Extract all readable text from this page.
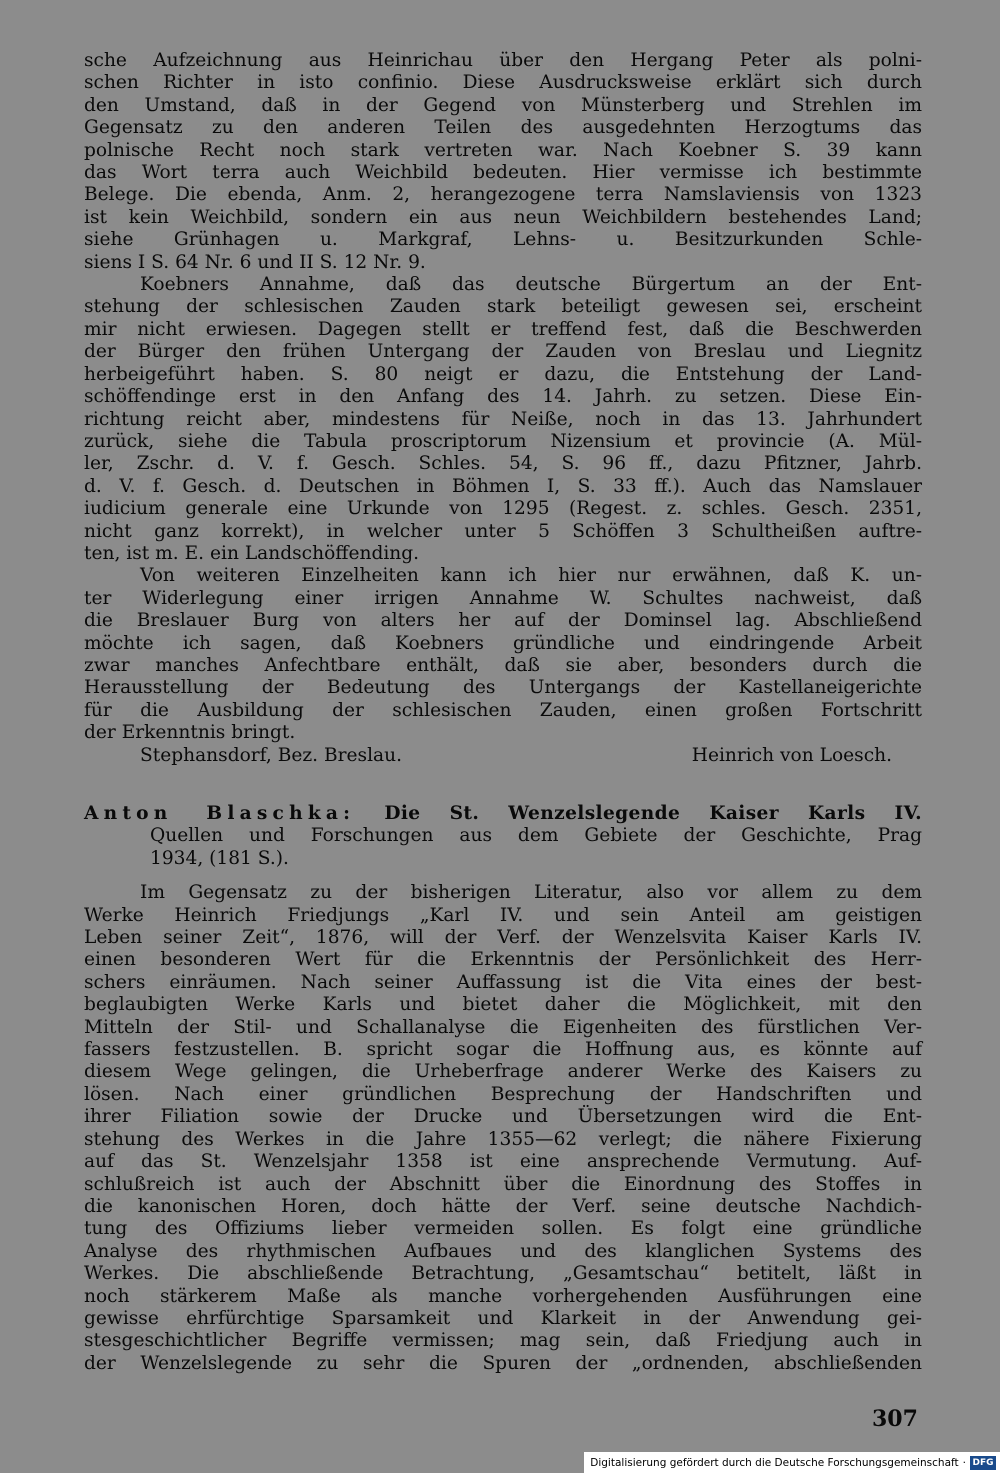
sche Aufzeichnung aus Heinrichau über den Hergang Peter als polni-
schen Richter in isto confinio. Diese Ausdrucksweise erklärt sich durch
den Umstand, daß in der Gegend von Münsterberg und Strehlen im
Gegensatz zu den anderen Teilen des ausgedehnten Herzogtums das
polnische Recht noch stark vertreten war. Nach Koebner S. 39 kann
das Wort terra auch Weichbild bedeuten. Hier vermisse ich bestimmte
Belege. Die ebenda, Anm. 2, herangezogene terra Namslaviensis von 1323
ist kein Weichbild, sondern ein aus neun Weichbildern bestehendes Land;
siehe Grünhagen u. Markgraf, Lehns- u. Besitzurkunden Schle-
siens I S. 64 Nr. 6 und II S. 12 Nr. 9.
Koebners Annahme, daß das deutsche Bürgertum an der Ent-
stehung der schlesischen Zauden stark beteiligt gewesen sei, erscheint
mir nicht erwiesen. Dagegen stellt er treffend fest, daß die Beschwerden
der Bürger den frühen Untergang der Zauden von Breslau und Liegnitz
herbeigeführt haben. S. 80 neigt er dazu, die Entstehung der Land-
schöffendinge erst in den Anfang des 14. Jahrh. zu setzen. Diese Ein-
richtung reicht aber, mindestens für Neiße, noch in das 13. Jahrhundert
zurück, siehe die Tabula proscriptorum Nizensium et provincie (A. Mül-
ler, Zschr. d. V. f. Gesch. Schles. 54, S. 96 ff., dazu Pfitzner, Jahrb.
d. V. f. Gesch. d. Deutschen in Böhmen I, S. 33 ff.). Auch das Namslauer
iudicium generale eine Urkunde von 1295 (Regest. z. schles. Gesch. 2351,
nicht ganz korrekt), in welcher unter 5 Schöffen 3 Schultheißen auftre-
ten, ist m. E. ein Landschöffending.
Von weiteren Einzelheiten kann ich hier nur erwähnen, daß K. un-
ter Widerlegung einer irrigen Annahme W. Schultes nachweist, daß
die Breslauer Burg von alters her auf der Dominsel lag. Abschließend
möchte ich sagen, daß Koebners gründliche und eindringende Arbeit
zwar manches Anfechtbare enthält, daß sie aber, besonders durch die
Herausstellung der Bedeutung des Untergangs der Kastellaneigerichte
für die Ausbildung der schlesischen Zauden, einen großen Fortschritt
der Erkenntnis bringt.
Stephansdorf, Bez. Breslau.	Heinrich von Loesch.
Anton Blaschka: Die St. Wenzelslegende Kaiser Karls IV.
Quellen und Forschungen aus dem Gebiete der Geschichte, Prag
1934, (181 S.).
Im Gegensatz zu der bisherigen Literatur, also vor allem zu dem
Werke Heinrich Friedjungs „Karl IV. und sein Anteil am geistigen
Leben seiner Zeit“, 1876, will der Verf. der Wenzelsvita Kaiser Karls IV.
einen besonderen Wert für die Erkenntnis der Persönlichkeit des Herr-
schers einräumen. Nach seiner Auffassung ist die Vita eines der best-
beglaubigten Werke Karls und bietet daher die Möglichkeit, mit den
Mitteln der Stil- und Schallanalyse die Eigenheiten des fürstlichen Ver-
fassers festzustellen. B. spricht sogar die Hoffnung aus, es könnte auf
diesem Wege gelingen, die Urheberfrage anderer Werke des Kaisers zu
lösen. Nach einer gründlichen Besprechung der Handschriften und
ihrer Filiation sowie der Drucke und Übersetzungen wird die Ent-
stehung des Werkes in die Jahre 1355—62 verlegt; die nähere Fixierung
auf das St. Wenzelsjahr 1358 ist eine ansprechende Vermutung. Auf-
schlußreich ist auch der Abschnitt über die Einordnung des Stoffes in
die kanonischen Horen, doch hätte der Verf. seine deutsche Nachdich-
tung des Offiziums lieber vermeiden sollen. Es folgt eine gründliche
Analyse des rhythmischen Aufbaues und des klanglichen Systems des
Werkes. Die abschließende Betrachtung, „Gesamtschau“ betitelt, läßt in
noch stärkerem Maße als manche vorhergehenden Ausführungen eine
gewisse ehrfürchtige Sparsamkeit und Klarkeit in der Anwendung gei-
stesgeschichtlicher Begriffe vermissen; mag sein, daß Friedjung auch in
der Wenzelslegende zu sehr die Spuren der „ordnenden, abschließenden
307
Digitalisierung gefördert durch die Deutsche Forschungsgemeinschaft · DFG
